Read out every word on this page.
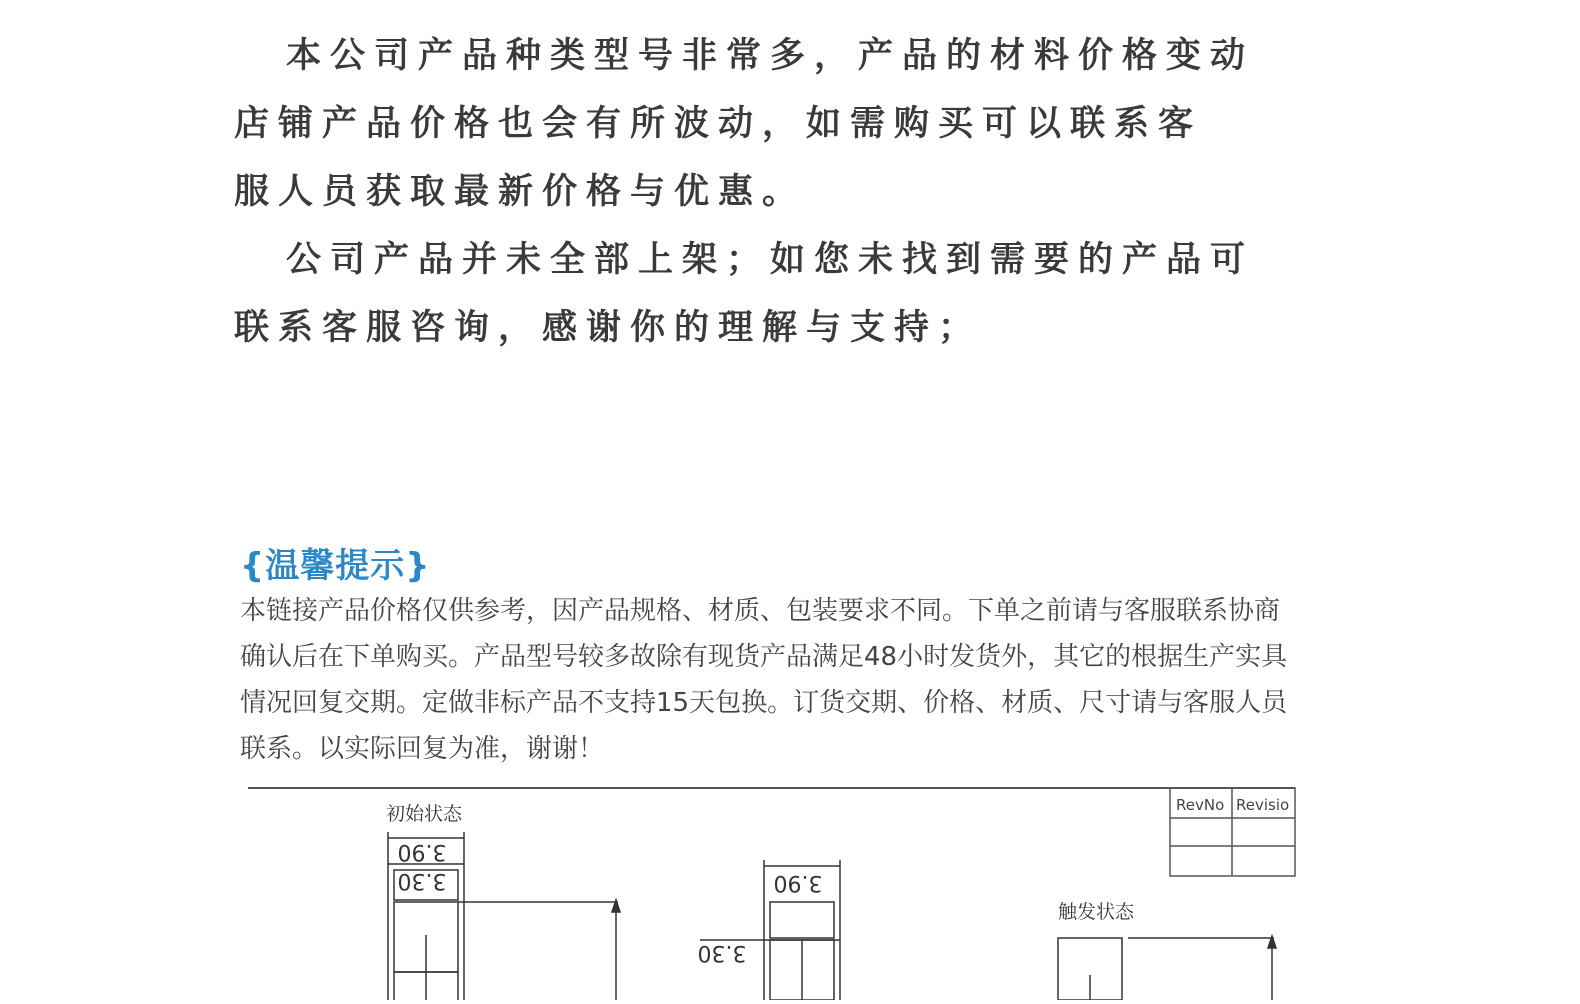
本公司产品种类型号非常多，产品的材料价格变动

店铺产品价格也会有所波动，如需购买可以联系客

服人员获取最新价格与优惠。

公司产品并未全部上架；如您未找到需要的产品可

联系客服咨询，感谢你的理解与支持；

{温馨提示}

本链接产品价格仅供参考，因产品规格、材质、包装要求不同。下单之前请与客服联系协商

确认后在下单购买。产品型号较多故除有现货产品满足48小时发货外，其它的根据生产实具

情况回复交期。定做非标产品不支持15天包换。订货交期、价格、材质、尺寸请与客服人员

联系。以实际回复为准，谢谢！

RevNo Revisio
初始状态
3.90
3.30	3.90
3.30
触发状态
